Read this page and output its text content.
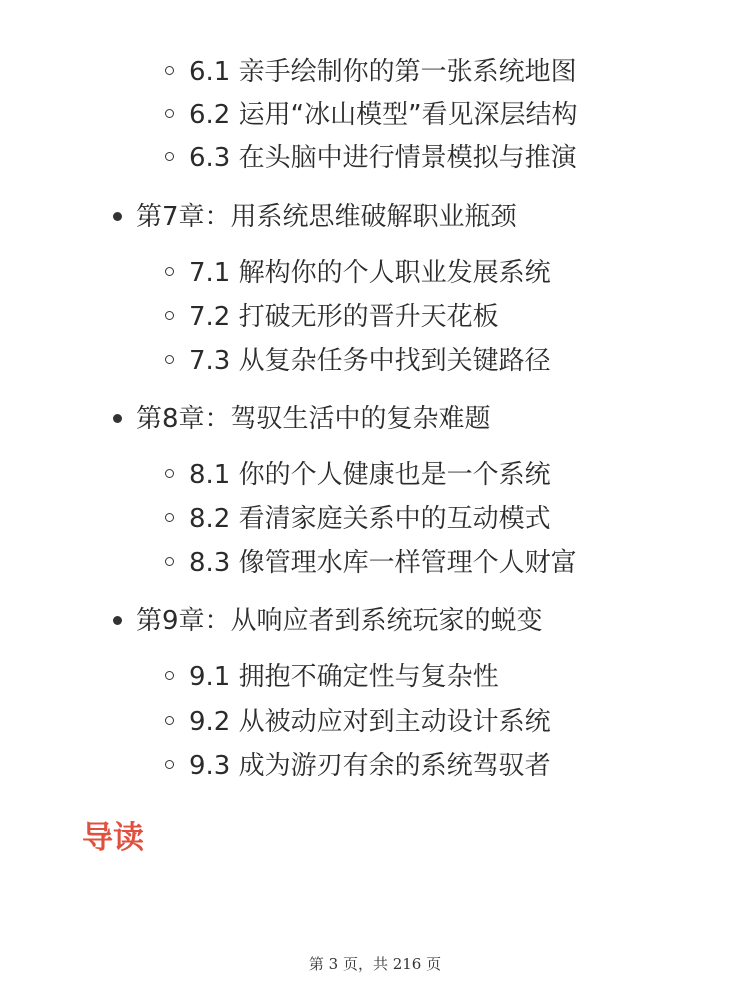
6.1 亲手绘制你的第一张系统地图
6.2 运用“冰山模型”看见深层结构
6.3 在头脑中进行情景模拟与推演
第7章：用系统思维破解职业瓶颈
7.1 解构你的个人职业发展系统
7.2 打破无形的晋升天花板
7.3 从复杂任务中找到关键路径
第8章：驾驭生活中的复杂难题
8.1 你的个人健康也是一个系统
8.2 看清家庭关系中的互动模式
8.3 像管理水库一样管理个人财富
第9章：从响应者到系统玩家的蜕变
9.1 拥抱不确定性与复杂性
9.2 从被动应对到主动设计系统
9.3 成为游刃有余的系统驾驭者
导读
第 3 页，共 216 页
